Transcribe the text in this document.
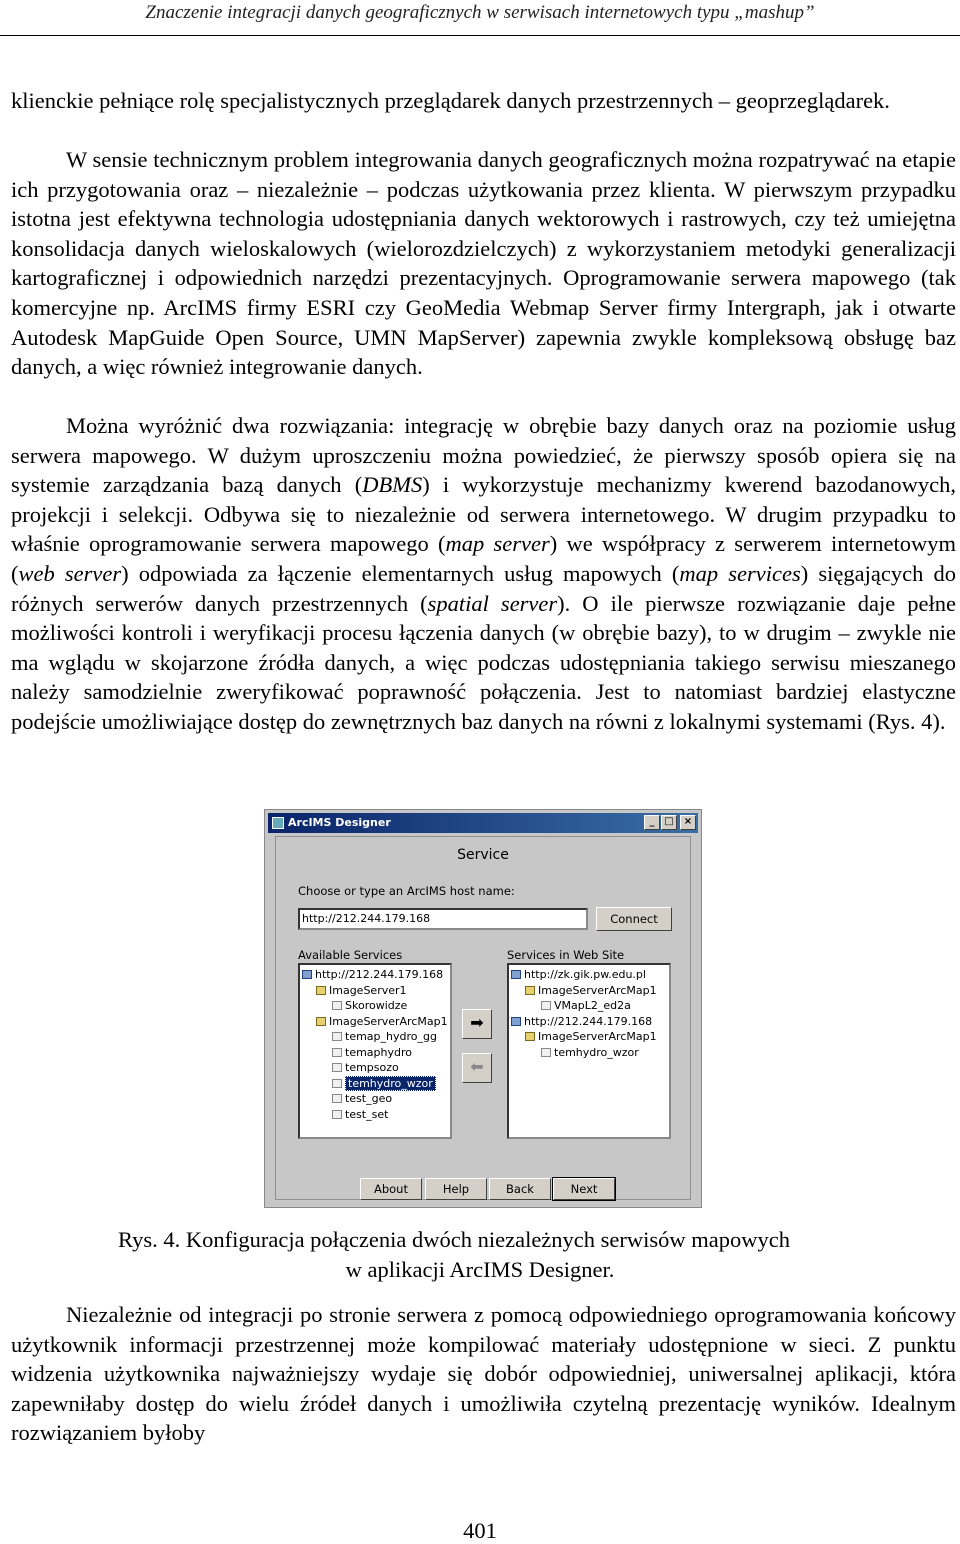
Znaczenie integracji danych geograficznych w serwisach internetowych typu „mashup”

klienckie pełniące rolę specjalistycznych przeglądarek danych przestrzennych – geoprzeglądarek.

W sensie technicznym problem integrowania danych geograficznych można rozpatrywać na etapie ich przygotowania oraz – niezależnie – podczas użytkowania przez klienta. W pierwszym przypadku istotna jest efektywna technologia udostępniania danych wektorowych i rastrowych, czy też umiejętna konsolidacja danych wieloskalowych (wielorozdzielczych) z wykorzystaniem metodyki generalizacji kartograficznej i odpowiednich narzędzi prezentacyjnych. Oprogramowanie serwera mapowego (tak komercyjne np. ArcIMS firmy ESRI czy GeoMedia Webmap Server firmy Intergraph, jak i otwarte Autodesk MapGuide Open Source, UMN MapServer) zapewnia zwykle kompleksową obsługę baz danych, a więc również integrowanie danych.

Można wyróżnić dwa rozwiązania: integrację w obrębie bazy danych oraz na poziomie usług serwera mapowego. W dużym uproszczeniu można powiedzieć, że pierwszy sposób opiera się na systemie zarządzania bazą danych (DBMS) i wykorzystuje mechanizmy kwerend bazodanowych, projekcji i selekcji. Odbywa się to niezależnie od serwera internetowego. W drugim przypadku to właśnie oprogramowanie serwera mapowego (map server) we współpracy z serwerem internetowym (web server) odpowiada za łączenie elementarnych usług mapowych (map services) sięgających do różnych serwerów danych przestrzennych (spatial server). O ile pierwsze rozwiązanie daje pełne możliwości kontroli i weryfikacji procesu łączenia danych (w obrębie bazy), to w drugim – zwykle nie ma wglądu w skojarzone źródła danych, a więc podczas udostępniania takiego serwisu mieszanego należy samodzielnie zweryfikować poprawność połączenia. Jest to natomiast bardziej elastyczne podejście umożliwiające dostęp do zewnętrznych baz danych na równi z lokalnymi systemami (Rys. 4).

ArcIMS Designer	_ □	×
Service
Choose or type an ArcIMS host name:
http://212.244.179.168	Connect
Available Services	Services in Web Site
http://212.244.179.168
ImageServer1
Skorowidze
ImageServerArcMap1
temap_hydro_gg
temaphydro
tempsozo
temhydro_wzor
test_geo
test_set
➡
⬅
http://zk.gik.pw.edu.pl
ImageServerArcMap1
VMapL2_ed2a
http://212.244.179.168
ImageServerArcMap1
temhydro_wzor
About	Help	Back	Next
Rys. 4. Konfiguracja połączenia dwóch niezależnych serwisów mapowych
w aplikacji ArcIMS Designer.

Niezależnie od integracji po stronie serwera z pomocą odpowiedniego oprogramowania końcowy użytkownik informacji przestrzennej może kompilować materiały udostępnione w sieci. Z punktu widzenia użytkownika najważniejszy wydaje się dobór odpowiedniej, uniwersalnej aplikacji, która zapewniłaby dostęp do wielu źródeł danych i umożliwiła czytelną prezentację wyników. Idealnym rozwiązaniem byłoby

401
